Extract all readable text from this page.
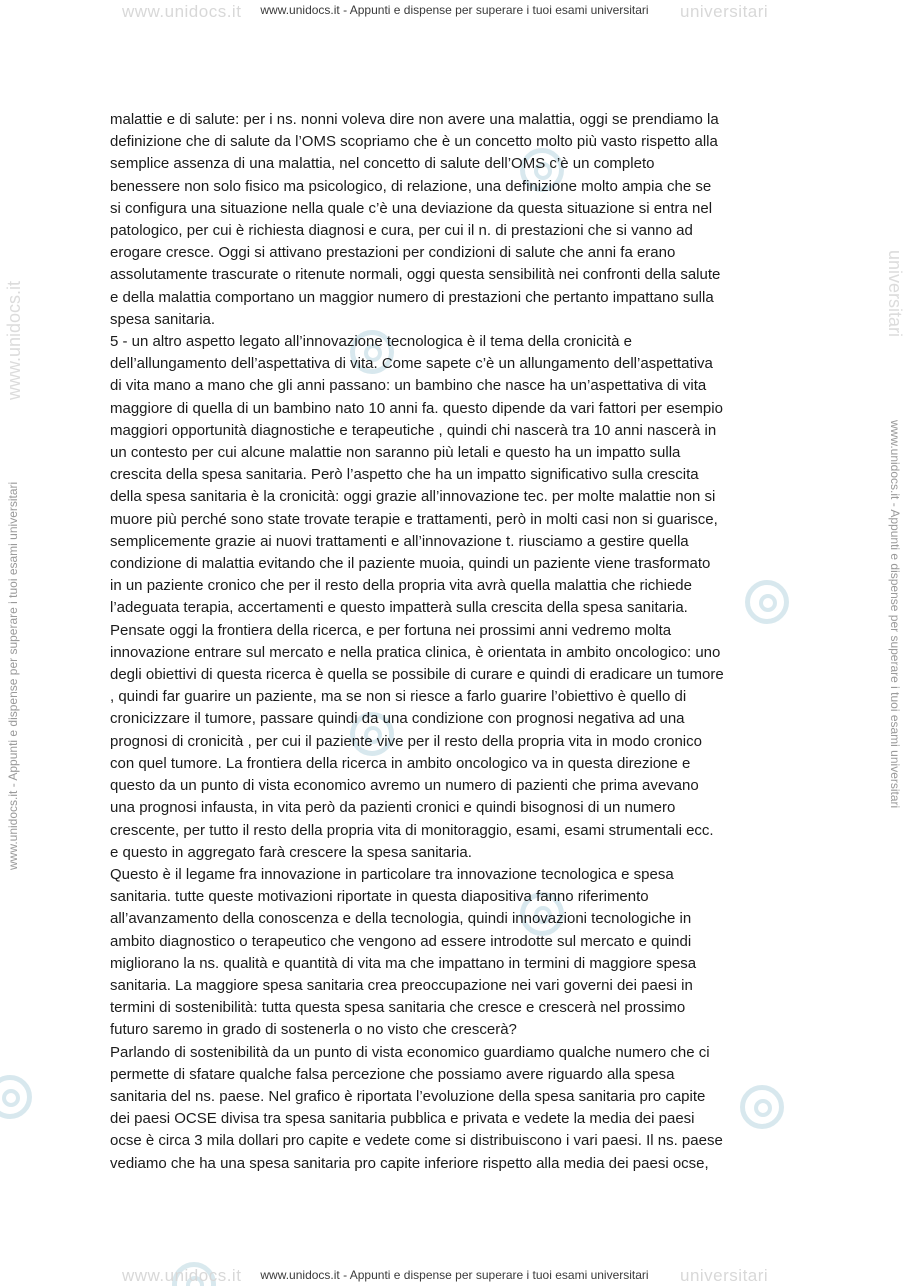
www.unidocs.it	universitari
www.unidocs.it - Appunti e dispense per superare i tuoi esami universitari
www.unidocs.it
www.unidocs.it - Appunti e dispense per superare i tuoi esami universitari
universitari
www.unidocs.it - Appunti e dispense per superare i tuoi esami universitari
malattie e di salute: per i ns. nonni voleva dire non avere una malattia, oggi se prendiamo la
definizione che di salute da l’OMS scopriamo che è un concetto molto più vasto rispetto alla
semplice assenza di una malattia, nel concetto di salute dell’OMS c’è un completo
benessere non solo fisico ma psicologico, di relazione, una definizione molto ampia che se
si configura una situazione nella quale c’è una deviazione da questa situazione si entra nel
patologico, per cui è richiesta diagnosi e cura, per cui il n. di prestazioni che si vanno ad
erogare cresce. Oggi si attivano prestazioni per condizioni di salute che anni fa erano
assolutamente trascurate o ritenute normali, oggi questa sensibilità nei confronti della salute
e della malattia comportano un maggior numero di prestazioni che pertanto impattano sulla
spesa sanitaria.
5 - un altro aspetto legato all’innovazione tecnologica è il tema della cronicità e
dell’allungamento dell’aspettativa di vita. Come sapete c’è un allungamento dell’aspettativa
di vita mano a mano che gli anni passano: un bambino che nasce ha un’aspettativa di vita
maggiore di quella di un bambino nato 10 anni fa. questo dipende da vari fattori per esempio
maggiori opportunità diagnostiche e terapeutiche , quindi chi nascerà tra 10 anni nascerà in
un contesto per cui alcune malattie non saranno più letali e questo ha un impatto sulla
crescita della spesa sanitaria. Però l’aspetto che ha un impatto significativo sulla crescita
della spesa sanitaria è la cronicità: oggi grazie all’innovazione tec. per molte malattie non si
muore più perché sono state trovate terapie e trattamenti, però in molti casi non si guarisce,
semplicemente grazie ai nuovi trattamenti e all’innovazione t. riusciamo a gestire quella
condizione di malattia evitando che il paziente muoia, quindi un paziente viene trasformato
in un paziente cronico che per il resto della propria vita avrà quella malattia che richiede
l’adeguata terapia, accertamenti e questo impatterà sulla crescita della spesa sanitaria.
Pensate oggi la frontiera della ricerca, e per fortuna nei prossimi anni vedremo molta
innovazione entrare sul mercato e nella pratica clinica, è orientata in ambito oncologico: uno
degli obiettivi di questa ricerca è quella se possibile di curare e quindi di eradicare un tumore
, quindi far guarire un paziente, ma se non si riesce a farlo guarire l’obiettivo è quello di
cronicizzare il tumore, passare quindi da una condizione con prognosi negativa ad una
prognosi di cronicità , per cui il paziente vive per il resto della propria vita in modo cronico
con quel tumore. La frontiera della ricerca in ambito oncologico va in questa direzione e
questo da un punto di vista economico avremo un numero di pazienti che prima avevano
una prognosi infausta, in vita però da pazienti cronici e quindi bisognosi di un numero
crescente, per tutto il resto della propria vita di monitoraggio, esami, esami strumentali ecc.
e questo in aggregato farà crescere la spesa sanitaria.
Questo è il legame fra innovazione in particolare tra innovazione tecnologica e spesa
sanitaria. tutte queste motivazioni riportate in questa diapositiva fanno riferimento
all’avanzamento della conoscenza e della tecnologia, quindi innovazioni tecnologiche in
ambito diagnostico o terapeutico che vengono ad essere introdotte sul mercato e quindi
migliorano la ns. qualità e quantità di vita ma che impattano in termini di maggiore spesa
sanitaria. La maggiore spesa sanitaria crea preoccupazione nei vari governi dei paesi in
termini di sostenibilità: tutta questa spesa sanitaria che cresce e crescerà nel prossimo
futuro saremo in grado di sostenerla o no visto che crescerà?
Parlando di sostenibilità da un punto di vista economico guardiamo qualche numero che ci
permette di sfatare qualche falsa percezione che possiamo avere riguardo alla spesa
sanitaria del ns. paese. Nel grafico è riportata l’evoluzione della spesa sanitaria pro capite
dei paesi OCSE divisa tra spesa sanitaria pubblica e privata e vedete la media dei paesi
ocse è circa 3 mila dollari pro capite e vedete come si distribuiscono i vari paesi. Il ns. paese
vediamo che ha una spesa sanitaria pro capite inferiore rispetto alla media dei paesi ocse,
www.unidocs.it	universitari
www.unidocs.it - Appunti e dispense per superare i tuoi esami universitari
